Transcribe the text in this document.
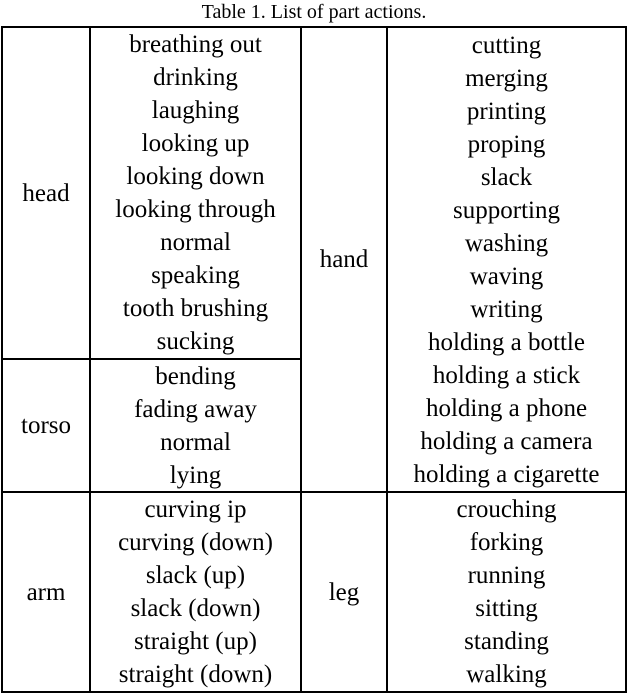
Table 1. List of part actions.
head
breathing out
drinking
laughing
looking up
looking down
looking through
normal
speaking
tooth brushing
sucking
torso
bending
fading away
normal
lying
hand
cutting
merging
printing
proping
slack
supporting
washing
waving
writing
holding a bottle
holding a stick
holding a phone
holding a camera
holding a cigarette
arm
curving ip
curving (down)
slack (up)
slack (down)
straight (up)
straight (down)
leg
crouching
forking
running
sitting
standing
walking
